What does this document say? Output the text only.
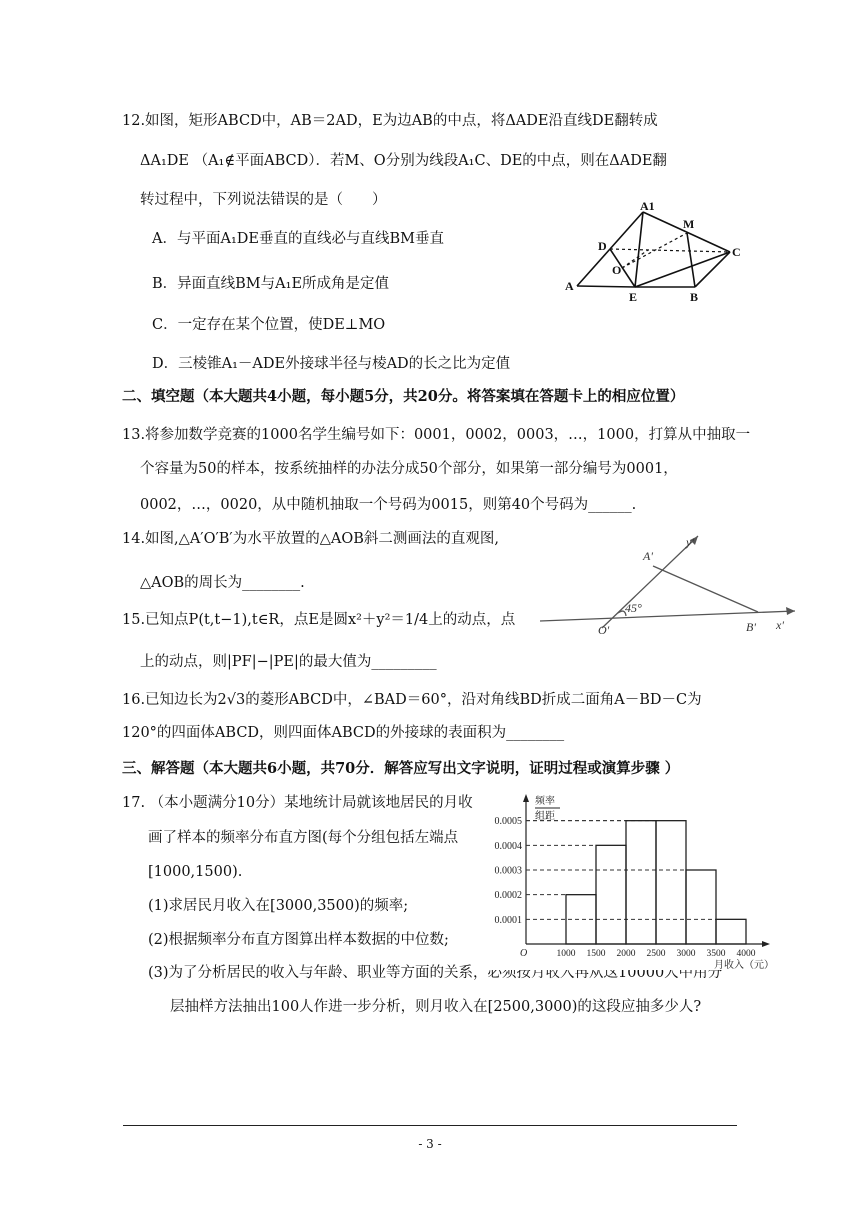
12.如图，矩形ABCD中，AB＝2AD，E为边AB的中点，将ΔADE沿直线DE翻转成
ΔA₁DE （A₁∉平面ABCD）．若M、O分别为线段A₁C、DE的中点，则在ΔADE翻
转过程中，下列说法错误的是（　　）
A．与平面A₁DE垂直的直线必与直线BM垂直
B．异面直线BM与A₁E所成角是定值
C．一定存在某个位置，使DE⊥MO
D．三棱锥A₁－ADE外接球半径与棱AD的长之比为定值
A1
M
D
O
C
A
E	B
二、填空题（本大题共4小题，每小题5分，共20分。将答案填在答题卡上的相应位置）
13.将参加数学竞赛的1000名学生编号如下：0001，0002，0003，…，1000，打算从中抽取一
个容量为50的样本，按系统抽样的办法分成50个部分，如果第一部分编号为0001，
0002，…，0020，从中随机抽取一个号码为0015，则第40个号码为______.
14.如图,△A′O′B′为水平放置的△AOB斜二测画法的直观图,
△AOB的周长为________.
15.已知点P(t,t−1),t∈R，点E是圆x²＋y²＝1/4上的动点，点
上的动点，则|PF|−|PE|的最大值为_________
A'
y'
45°
O'	B' x'
16.已知边长为2√3的菱形ABCD中，∠BAD＝60°，沿对角线BD折成二面角A－BD－C为
120°的四面体ABCD，则四面体ABCD的外接球的表面积为________
三、解答题（本大题共6小题，共70分．解答应写出文字说明，证明过程或演算步骤 ）
17. （本小题满分10分）某地统计局就该地居民的月收
画了样本的频率分布直方图(每个分组包括左端点
[1000,1500).
(1)求居民月收入在[3000,3500)的频率;
(2)根据频率分布直方图算出样本数据的中位数;
(3)为了分析居民的收入与年龄、职业等方面的关系，必须按月收入再从这10000人中用分
层抽样方法抽出100人作进一步分析，则月收入在[2500,3000)的这段应抽多少人?
频率
组距
O
月收入（元）
0.0001
0.0002
0.0003
0.0004
0.0005
1000 1500 2000 2500 3000 3500 4000
- 3 -
